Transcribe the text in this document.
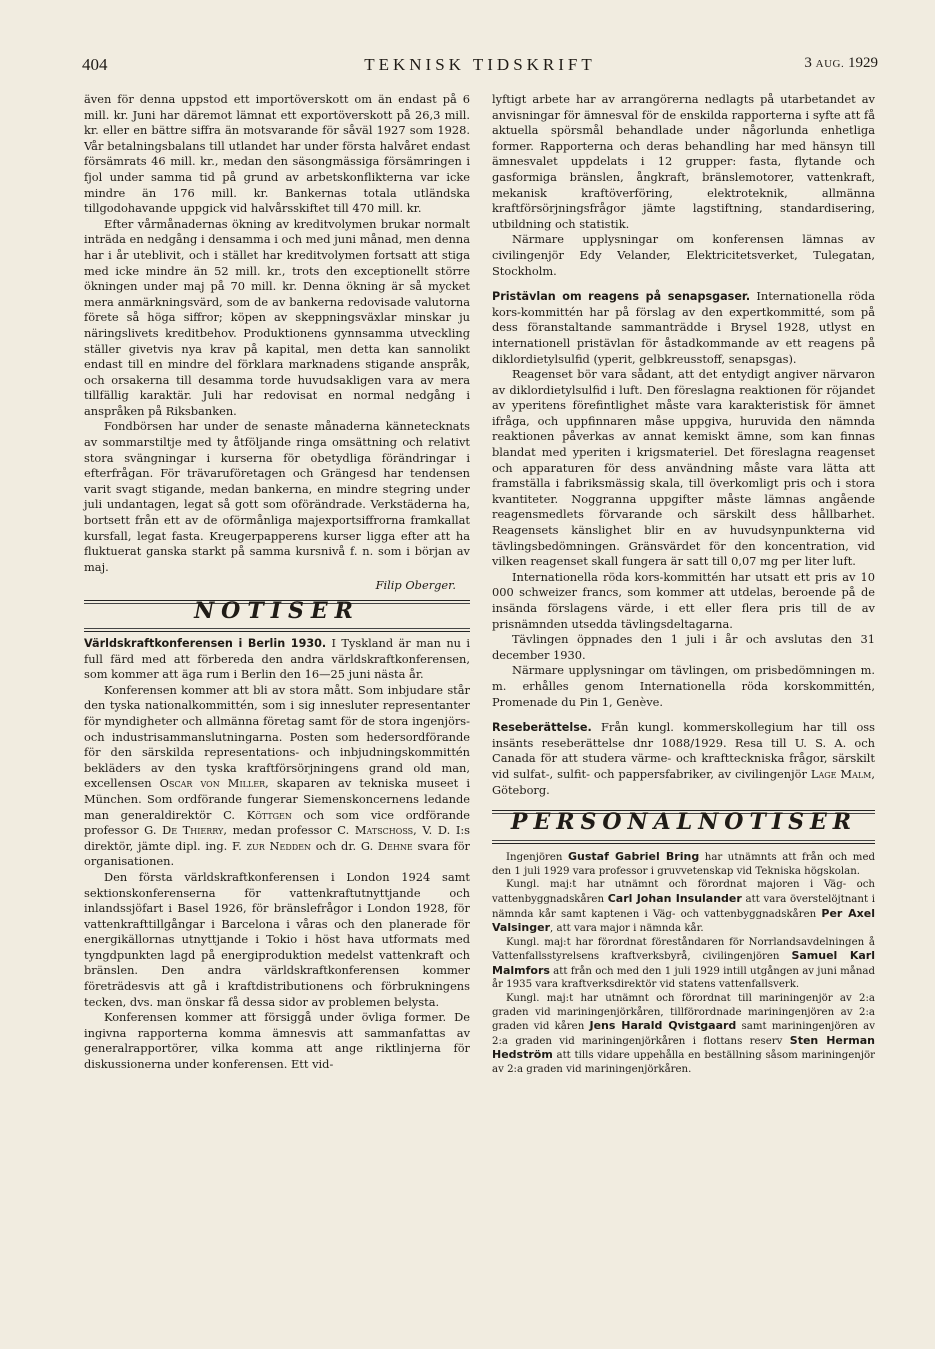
404	TEKNISK TIDSKRIFT	3 AUG. 1929

även för denna uppstod ett importöverskott om än endast på 6 mill. kr. Juni har däremot lämnat ett exportöverskott på 26,3 mill. kr. eller en bättre siffra än motsvarande för såväl 1927 som 1928. Vår betalningsbalans till utlandet har under första halvåret endast försämrats 46 mill. kr., medan den säsongmässiga försämringen i fjol under samma tid på grund av arbetskonflikterna var icke mindre än 176 mill. kr. Bankernas totala utländska tillgodohavande uppgick vid halvårsskiftet till 470 mill. kr.

Efter vårmånadernas ökning av kreditvolymen brukar normalt inträda en nedgång i densamma i och med juni månad, men denna har i år uteblivit, och i stället har kreditvolymen fortsatt att stiga med icke mindre än 52 mill. kr., trots den exceptionellt större ökningen under maj på 70 mill. kr. Denna ökning är så mycket mera anmärkningsvärd, som de av bankerna redovisade valutorna förete så höga siffror; köpen av skeppningsväxlar minskar ju näringslivets kreditbehov. Produktionens gynnsamma utveckling ställer givetvis nya krav på kapital, men detta kan sannolikt endast till en mindre del förklara marknadens stigande anspråk, och orsakerna till desamma torde huvudsakligen vara av mera tillfällig karaktär. Juli har redovisat en normal nedgång i anspråken på Riksbanken.

Fondbörsen har under de senaste månaderna kännetecknats av sommarstiltje med ty åtföljande ringa omsättning och relativt stora svängningar i kurserna för obetydliga förändringar i efterfrågan. För trävaruföretagen och Grängesd har tendensen varit svagt stigande, medan bankerna, en mindre stegring under juli undantagen, legat så gott som oförändrade. Verkstäderna ha, bortsett från ett av de oförmånliga majexportsiffrorna framkallat kursfall, legat fasta. Kreugerpapperens kurser ligga efter att ha fluktuerat ganska starkt på samma kursnivå f. n. som i början av maj.

Filip Oberger.
NOTISER

Världskraftkonferensen i Berlin 1930. I Tyskland är man nu i full färd med att förbereda den andra världskraftkonferensen, som kommer att äga rum i Berlin den 16—25 juni nästa år.

Konferensen kommer att bli av stora mått. Som inbjudare står den tyska nationalkommittén, som i sig innesluter representanter för myndigheter och allmänna företag samt för de stora ingenjörs- och industrisammanslutningarna. Posten som hedersordförande för den särskilda representations- och inbjudningskommittén bekläders av den tyska kraftförsörjningens grand old man, excellensen Oscar von Miller, skaparen av tekniska museet i München. Som ordförande fungerar Siemenskoncernens ledande man generaldirektör C. Köttgen och som vice ordförande professor G. De Thierry, medan professor C. Matschoss, V. D. I:s direktör, jämte dipl. ing. F. zur Nedden och dr. G. Dehne svara för organisationen.

Den första världskraftkonferensen i London 1924 samt sektionskonferenserna för vattenkraftutnyttjande och inlandssjöfart i Basel 1926, för bränslefrågor i London 1928, för vattenkrafttillgångar i Barcelona i våras och den planerade för energikällornas utnyttjande i Tokio i höst hava utformats med tyngdpunkten lagd på energiproduktion medelst vattenkraft och bränslen. Den andra världskraftkonferensen kommer företrädesvis att gå i kraftdistributionens och förbrukningens tecken, dvs. man önskar få dessa sidor av problemen belysta.

Konferensen kommer att försiggå under övliga former. De ingivna rapporterna komma ämnesvis att sammanfattas av generalrapportörer, vilka komma att ange riktlinjerna för diskussionerna under konferensen. Ett vid-

lyftigt arbete har av arrangörerna nedlagts på utarbetandet av anvisningar för ämnesval för de enskilda rapporterna i syfte att få aktuella spörsmål behandlade under någorlunda enhetliga former. Rapporterna och deras behandling har med hänsyn till ämnesvalet uppdelats i 12 grupper: fasta, flytande och gasformiga bränslen, ångkraft, bränslemotorer, vattenkraft, mekanisk kraftöverföring, elektroteknik, allmänna kraftförsörjningsfrågor jämte lagstiftning, standardisering, utbildning och statistik.

Närmare upplysningar om konferensen lämnas av civilingenjör Edy Velander, Elektricitetsverket, Tulegatan, Stockholm.

Pristävlan om reagens på senapsgaser. Internationella röda kors-kommittén har på förslag av den expertkommitté, som på dess föranstaltande sammanträdde i Brysel 1928, utlyst en internationell pristävlan för åstadkommande av ett reagens på diklordietylsulfid (yperit, gelbkreusstoff, senapsgas).

Reagenset bör vara sådant, att det entydigt angiver närvaron av diklordietylsulfid i luft. Den föreslagna reaktionen för röjandet av yperitens förefintlighet måste vara karakteristisk för ämnet ifråga, och uppfinnaren måse uppgiva, huruvida den nämnda reaktionen påverkas av annat kemiskt ämne, som kan finnas blandat med yperiten i krigsmateriel. Det föreslagna reagenset och apparaturen för dess användning måste vara lätta att framställa i fabriksmässig skala, till överkomligt pris och i stora kvantiteter. Noggranna uppgifter måste lämnas angående reagensmedlets förvarande och särskilt dess hållbarhet. Reagensets känslighet blir en av huvudsynpunkterna vid tävlingsbedömningen. Gränsvärdet för den koncentration, vid vilken reagenset skall fungera är satt till 0,07 mg per liter luft.

Internationella röda kors-kommittén har utsatt ett pris av 10 000 schweizer francs, som kommer att utdelas, beroende på de insända förslagens värde, i ett eller flera pris till de av prisnämnden utsedda tävlingsdeltagarna.

Tävlingen öppnades den 1 juli i år och avslutas den 31 december 1930.

Närmare upplysningar om tävlingen, om prisbedömningen m. m. erhålles genom Internationella röda korskommittén, Promenade du Pin 1, Genève.

Reseberättelse. Från kungl. kommerskollegium har till oss insänts reseberättelse dnr 1088/1929. Resa till U. S. A. och Canada för att studera värme- och kraftteckniska frågor, särskilt vid sulfat-, sulfit- och pappersfabriker, av civilingenjör Lage Malm, Göteborg.

PERSONALNOTISER

Ingenjören Gustaf Gabriel Bring har utnämnts att från och med den 1 juli 1929 vara professor i gruvvetenskap vid Tekniska högskolan.

Kungl. maj:t har utnämnt och förordnat majoren i Väg- och vattenbyggnadskåren Carl Johan Insulander att vara överstelöjtnant i nämnda kår samt kaptenen i Väg- och vattenbyggnadskåren Per Axel Valsinger, att vara major i nämnda kår.

Kungl. maj:t har förordnat föreståndaren för Norrlandsavdelningen å Vattenfallsstyrelsens kraftverksbyrå, civilingenjören Samuel Karl Malmfors att från och med den 1 juli 1929 intill utgången av juni månad år 1935 vara kraftverksdirektör vid statens vattenfallsverk.

Kungl. maj:t har utnämnt och förordnat till mariningenjör av 2:a graden vid mariningenjörkåren, tillförordnade mariningenjören av 2:a graden vid kåren Jens Harald Qvistgaard samt mariningenjören av 2:a graden vid mariningenjörkåren i flottans reserv Sten Herman Hedström att tills vidare uppehålla en beställning såsom mariningenjör av 2:a graden vid mariningenjörkåren.
